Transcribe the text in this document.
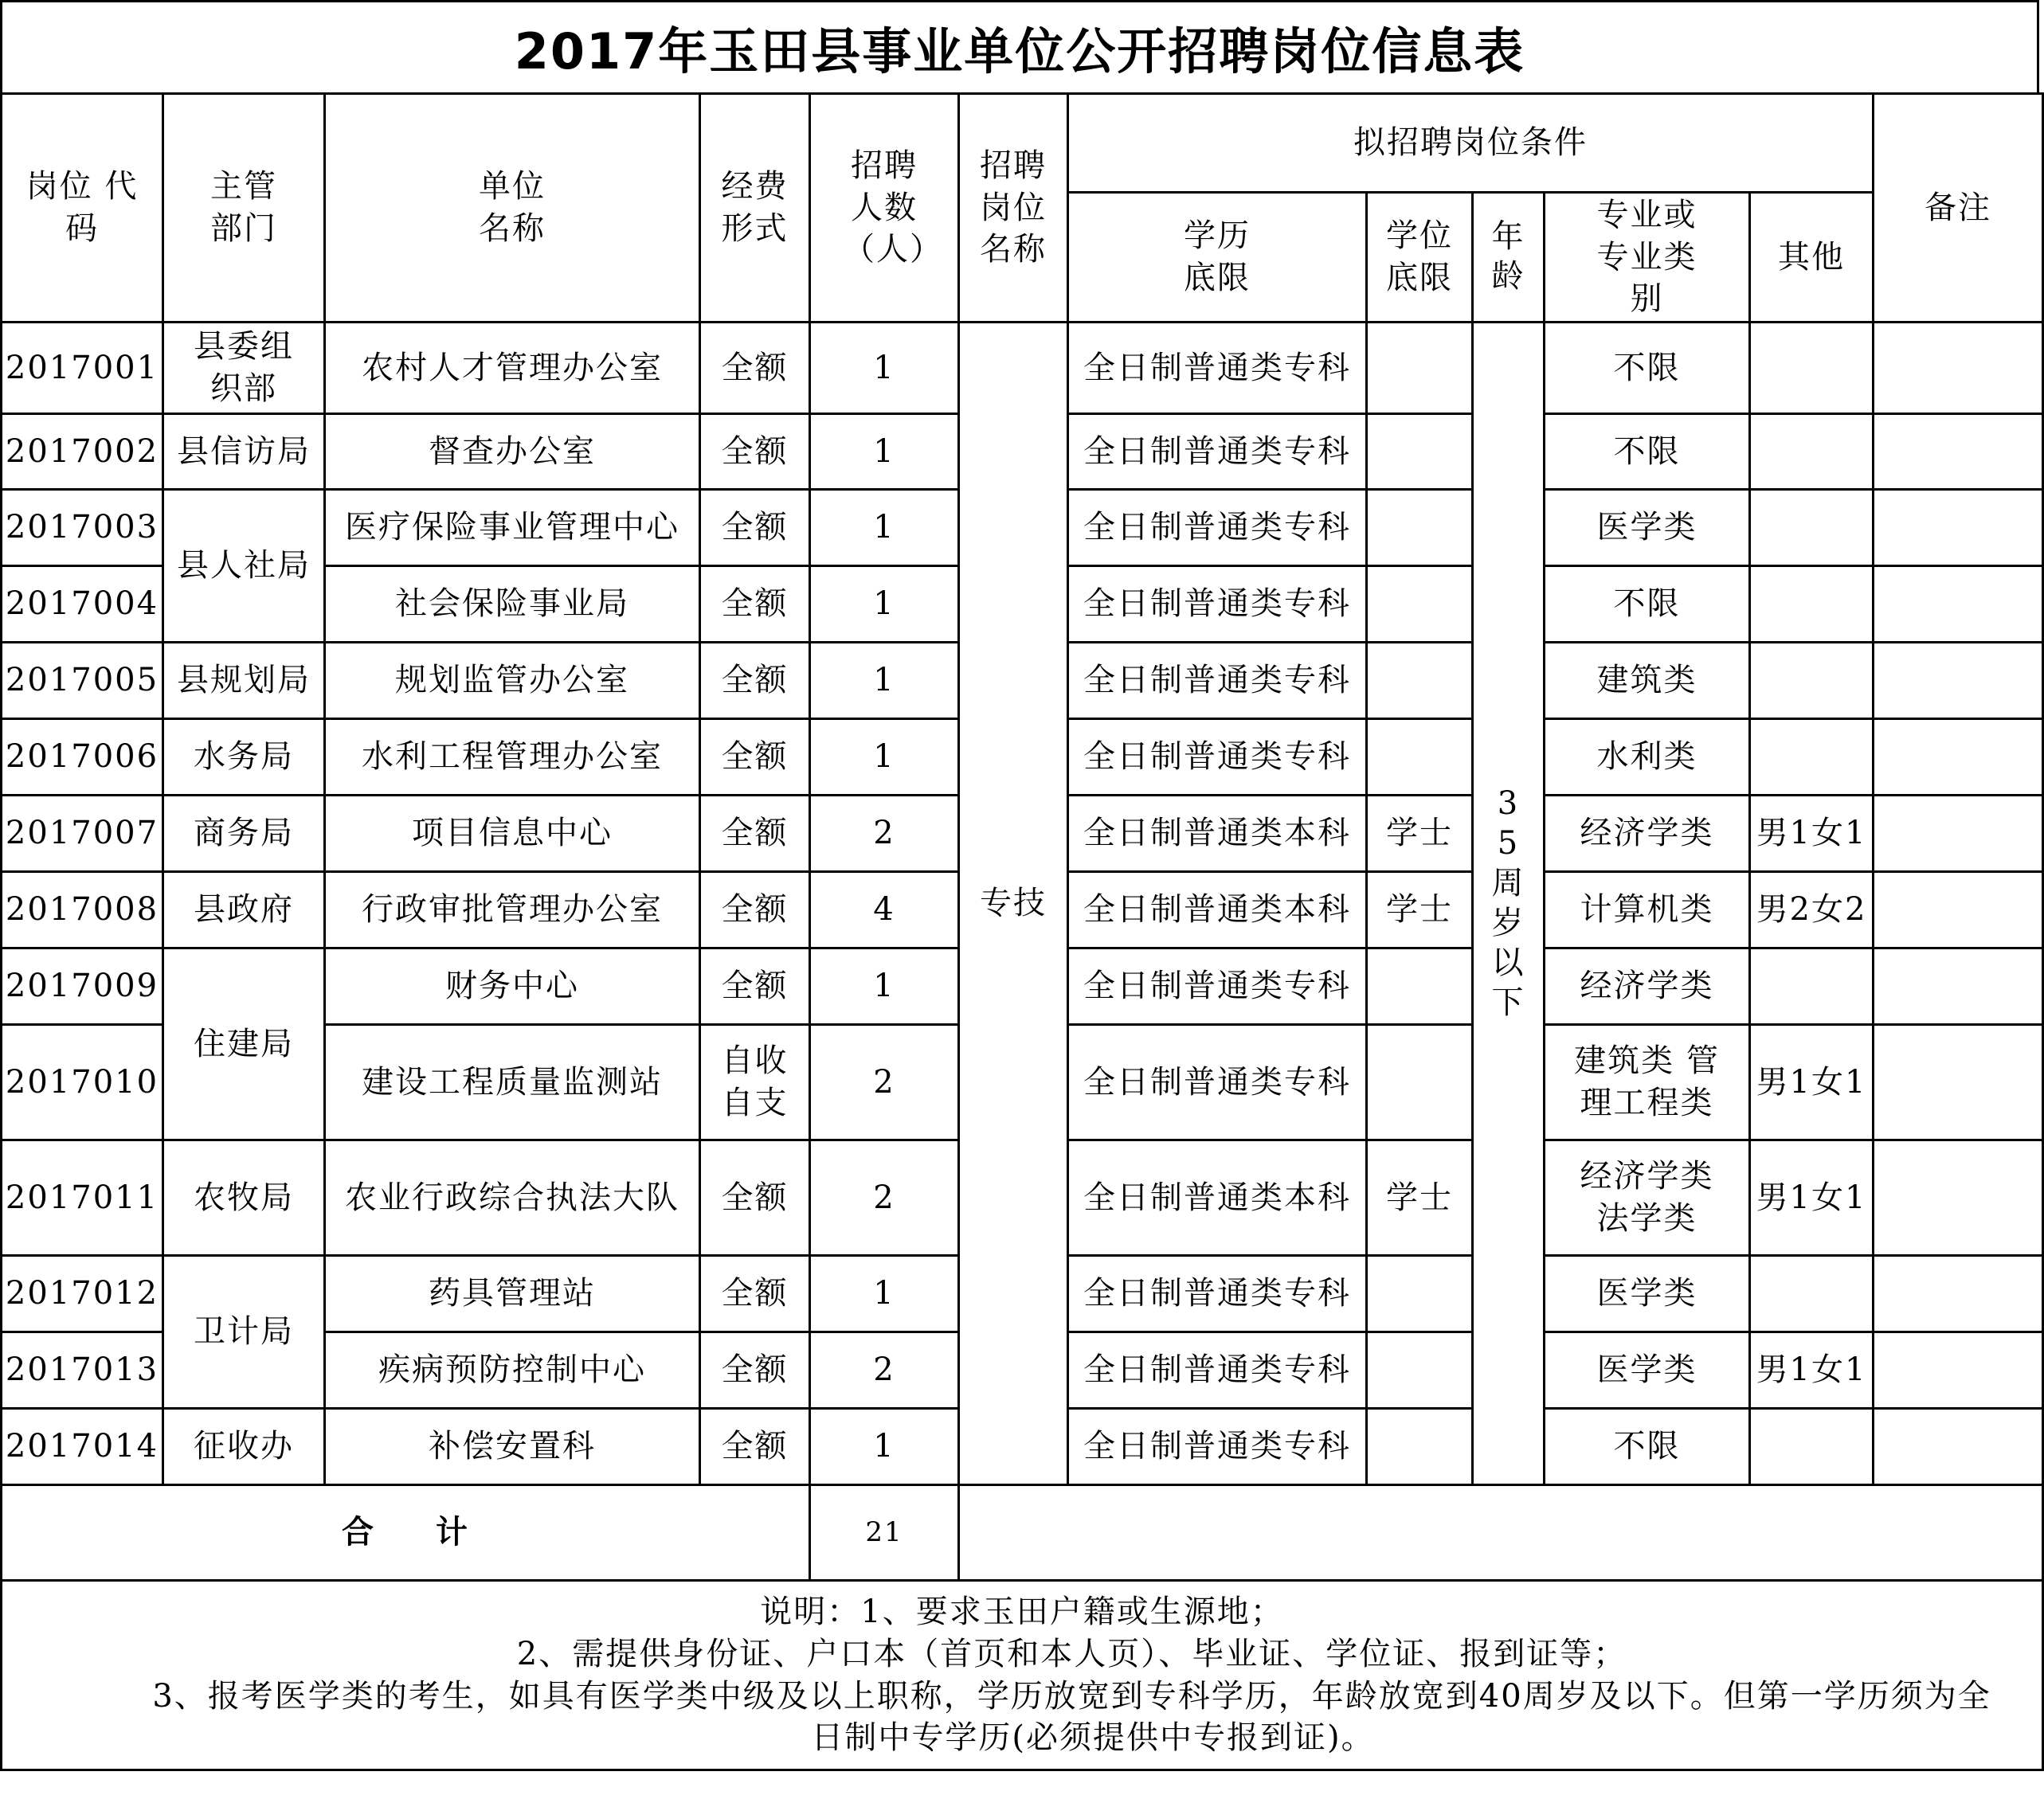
2017年玉田县事业单位公开招聘岗位信息表
岗位 代码	主管部门	单位名称	经费形式	招聘人数（人）	招聘岗位名称	拟招聘岗位条件					备注
						学历底限	学位底限	年龄	专业或专业类别	其他	
2017001	县委组织部	农村人才管理办公室	全额	1	专技	全日制普通类专科		35周岁以下	不限		
2017002	县信访局	督查办公室	全额	1		全日制普通类专科			不限		
2017003	县人社局	医疗保险事业管理中心	全额	1		全日制普通类专科			医学类		
2017004		社会保险事业局	全额	1		全日制普通类专科			不限		
2017005	县规划局	规划监管办公室	全额	1		全日制普通类专科			建筑类		
2017006	水务局	水利工程管理办公室	全额	1		全日制普通类专科			水利类		
2017007	商务局	项目信息中心	全额	2		全日制普通类本科	学士		经济学类	男1女1	
2017008	县政府	行政审批管理办公室	全额	4		全日制普通类本科	学士		计算机类	男2女2	
2017009	住建局	财务中心	全额	1		全日制普通类专科			经济学类		
2017010		建设工程质量监测站	自收自支	2		全日制普通类专科			建筑类 管理工程类	男1女1	
2017011	农牧局	农业行政综合执法大队	全额	2		全日制普通类本科	学士		经济学类 法学类	男1女1	
2017012	卫计局	药具管理站	全额	1		全日制普通类专科			医学类		
2017013		疾病预防控制中心	全额	2		全日制普通类专科			医学类	男1女1	
2017014	征收办	补偿安置科	全额	1		全日制普通类专科			不限		
合 计				21							

说明：1、要求玉田户籍或生源地；
2、需提供身份证、户口本（首页和本人页）、毕业证、学位证、报到证等；
3、报考医学类的考生，如具有医学类中级及以上职称，学历放宽到专科学历，年龄放宽到40周岁及以下。但第一学历须为全
日制中专学历(必须提供中专报到证)。											
